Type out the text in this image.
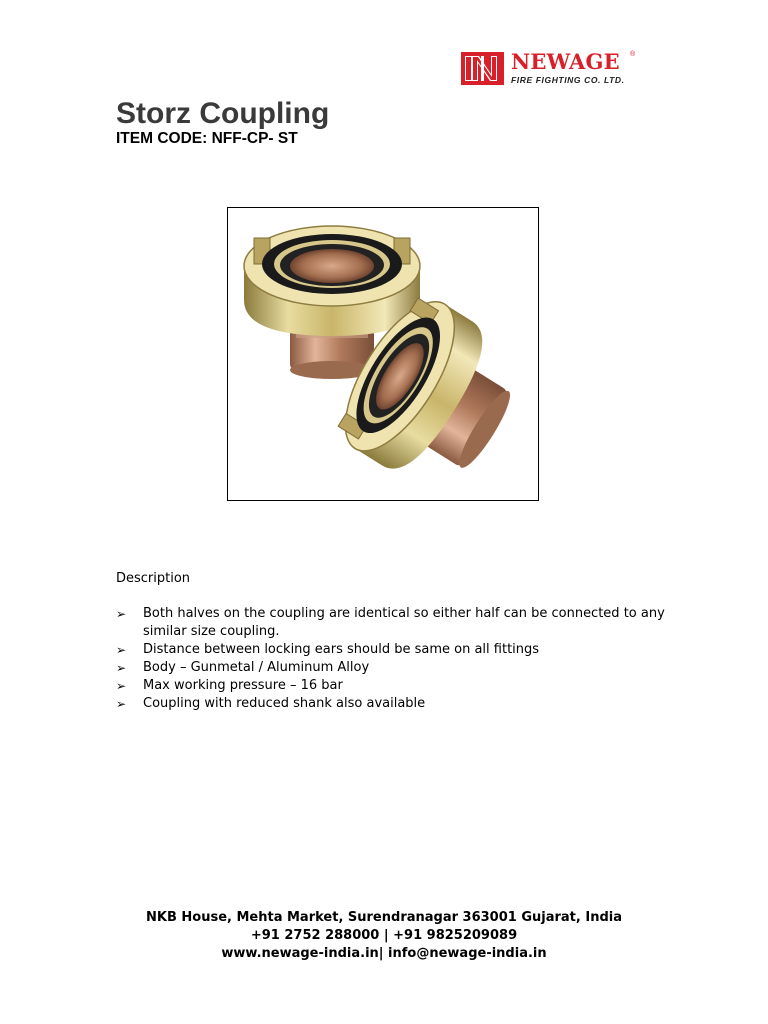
NEWAGE ®
FIRE FIGHTING CO. LTD.
Storz Coupling
ITEM CODE: NFF-CP- ST
Description
➢ Both halves on the coupling are identical so either half can be connected to any similar size coupling.
➢ Distance between locking ears should be same on all fittings
➢ Body – Gunmetal / Aluminum Alloy
➢ Max working pressure – 16 bar
➢ Coupling with reduced shank also available
NKB House, Mehta Market, Surendranagar 363001 Gujarat, India
+91 2752 288000 | +91 9825209089
www.newage-india.in| info@newage-india.in
